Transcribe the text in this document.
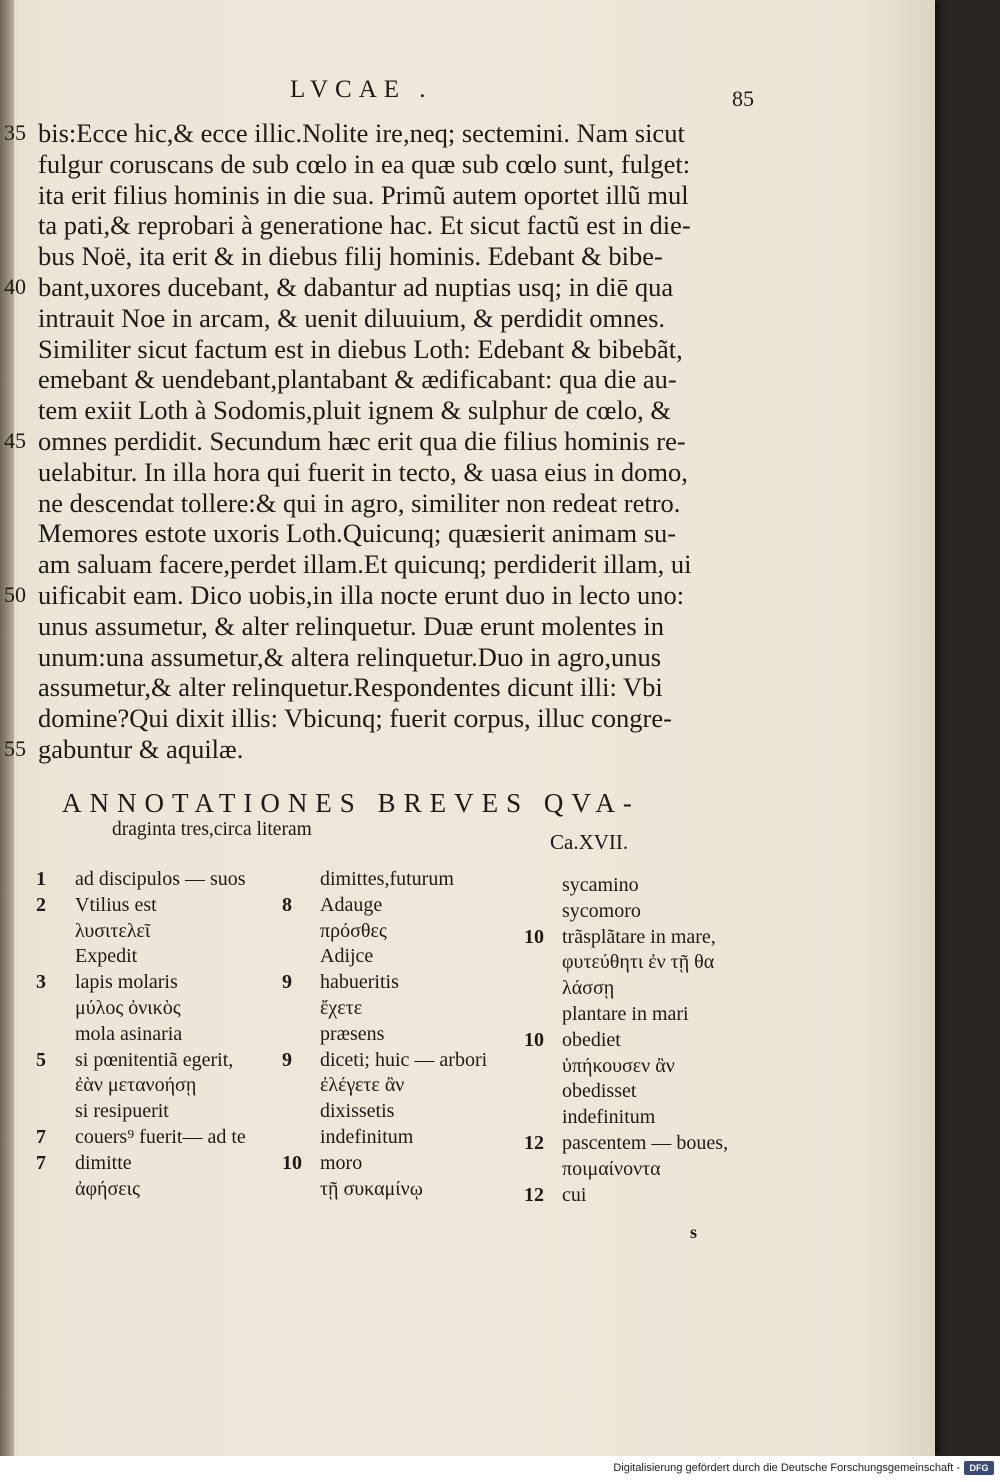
LVCAE .	85
35
40
45
50
55
bis:Ecce hic,& ecce illic.Nolite ire,neq; sectemini. Nam sicut
fulgur coruscans de sub cœlo in ea quæ sub cœlo sunt, fulget:
ita erit filius hominis in die sua. Primũ autem oportet illũ mul
ta pati,& reprobari à generatione hac. Et sicut factũ est in die-
bus Noë, ita erit & in diebus filij hominis. Edebant & bibe-
bant,uxores ducebant, & dabantur ad nuptias usq; in diē qua
intrauit Noe in arcam, & uenit diluuium, & perdidit omnes.
Similiter sicut factum est in diebus Loth: Edebant & bibebãt,
emebant & uendebant,plantabant & ædificabant: qua die au-
tem exiit Loth à Sodomis,pluit ignem & sulphur de cœlo, &
omnes perdidit. Secundum hæc erit qua die filius hominis re-
uelabitur. In illa hora qui fuerit in tecto, & uasa eius in domo,
ne descendat tollere:& qui in agro, similiter non redeat retro.
Memores estote uxoris Loth.Quicunq; quæsierit animam su-
am saluam facere,perdet illam.Et quicunq; perdiderit illam, ui
uificabit eam. Dico uobis,in illa nocte erunt duo in lecto uno:
unus assumetur, & alter relinquetur. Duæ erunt molentes in
unum:una assumetur,& altera relinquetur.Duo in agro,unus
assumetur,& alter relinquetur.Respondentes dicunt illi: Vbi
domine?Qui dixit illis: Vbicunq; fuerit corpus, illuc congre-
gabuntur & aquilæ.
ANNOTATIONES BREVES QVA-
draginta tres,circa literam
Ca.XVII.
1 ad discipulos — suos
2 Vtilius est
λυσιτελεῖ
Expedit
3 lapis molaris
μύλος ὀνικὸς
mola asinaria
5 si pœnitentiã egerit,
ἐὰν μετανοήσῃ
si resipuerit
7 couers⁹ fuerit— ad te
7 dimitte
ἀφήσεις
dimittes,futurum
8 Adauge
πρόσθες
Adijce
9 habueritis
ἔχετε
præsens
9 diceti; huic — arbori
ἐλέγετε ἂν
dixissetis
indefinitum
10 moro
τῇ συκαμίνῳ
sycamino
sycomoro
10 trãsplãtare in mare,
φυτεύθητι ἐν τῇ θα
λάσσῃ
plantare in mari
10 obediet
ὑπήκουσεν ἂν
obedisset
indefinitum
12 pascentem — boues,
ποιμαίνοντα
12 cui
s
Digitalisierung gefördert durch die Deutsche Forschungsgemeinschaft -	DFG
